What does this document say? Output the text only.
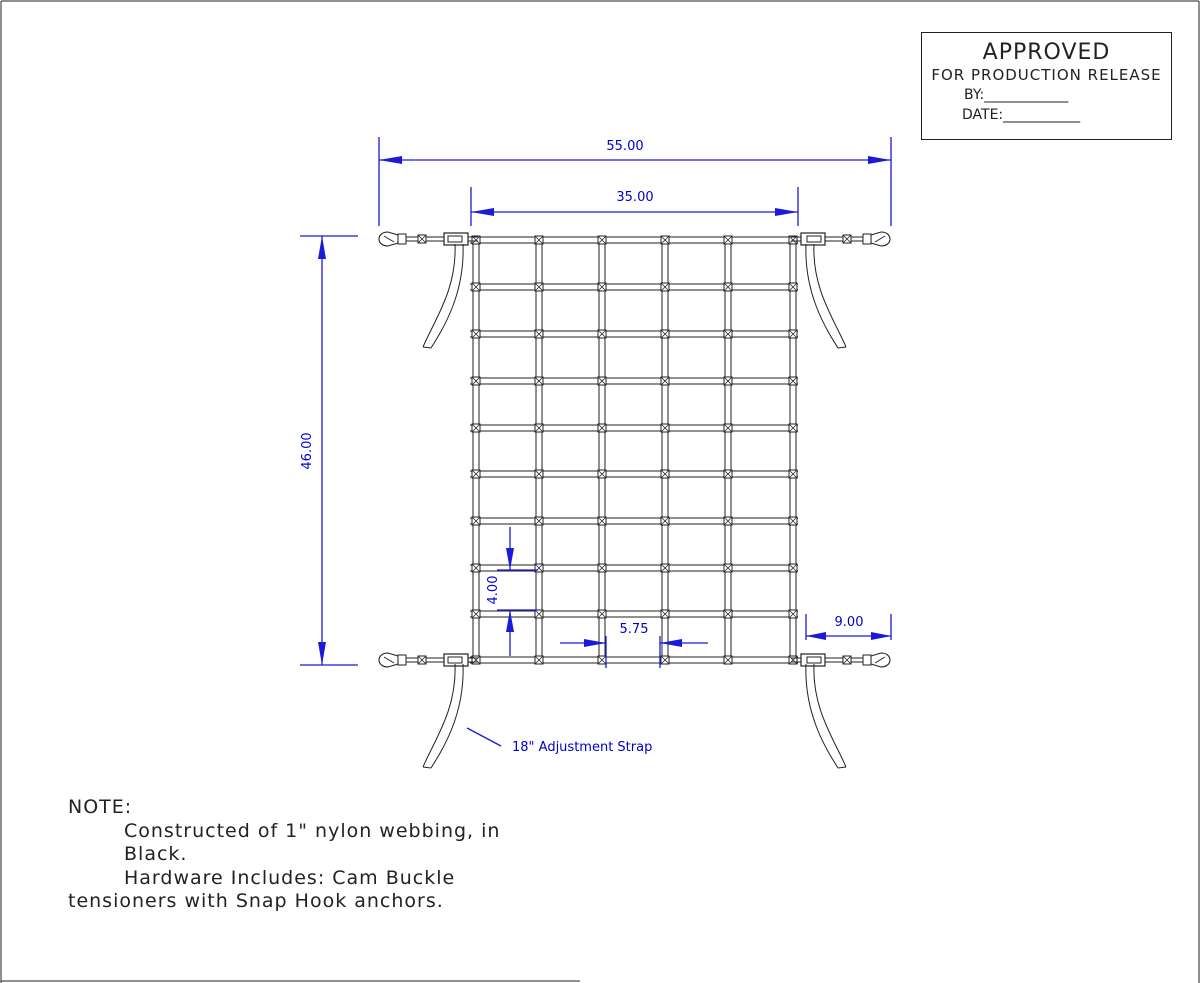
55.00
35.00
46.00
4.00
5.75	9.00
18" Adjustment Strap
APPROVED
FOR PRODUCTION RELEASE
BY:____________
DATE:___________
NOTE:
Constructed of 1" nylon webbing, in
Black.
Hardware Includes: Cam Buckle
tensioners with Snap Hook anchors.
